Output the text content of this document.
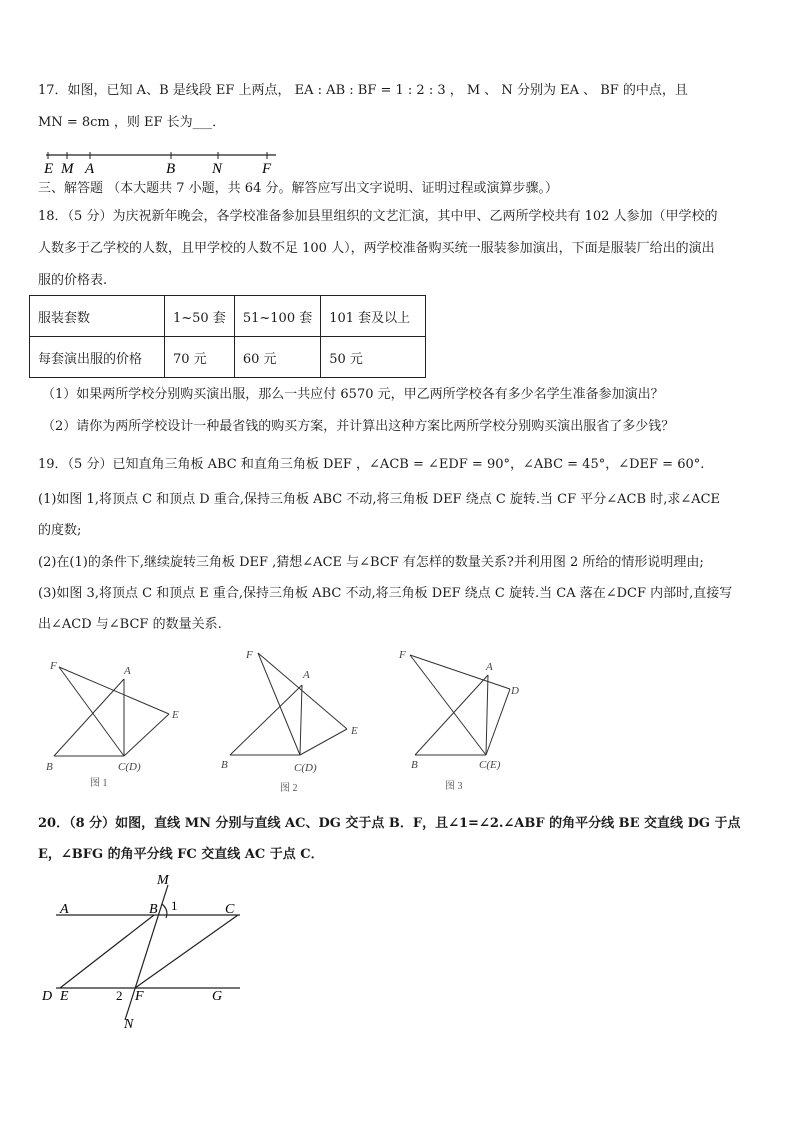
17．如图，已知 A、B 是线段 EF 上两点， EA : AB : BF = 1 : 2 : 3 ， M 、 N 分别为 EA 、 BF 的中点，且
MN = 8cm ，则 EF 长为___．
E M A	B N	F
三、解答题 （本大题共 7 小题，共 64 分。解答应写出文字说明、证明过程或演算步骤。）
18．（5 分）为庆祝新年晚会，各学校准备参加县里组织的文艺汇演，其中甲、乙两所学校共有 102 人参加（甲学校的
人数多于乙学校的人数，且甲学校的人数不足 100 人），两学校准备购买统一服装参加演出，下面是服装厂给出的演出
服的价格表.
服装套数	1~50 套	51~100 套	101 套及以上
每套演出服的价格	70 元	60 元	50 元
（1）如果两所学校分别购买演出服，那么一共应付 6570 元，甲乙两所学校各有多少名学生准备参加演出？
（2）请你为两所学校设计一种最省钱的购买方案，并计算出这种方案比两所学校分别购买演出服省了多少钱？
19．（5 分）已知直角三角板 ABC 和直角三角板 DEF ，∠ACB = ∠EDF = 90°，∠ABC = 45°，∠DEF = 60°.
(1)如图 1,将顶点 C 和顶点 D 重合,保持三角板 ABC 不动,将三角板 DEF 绕点 C 旋转.当 CF 平分∠ACB 时,求∠ACE
的度数;
(2)在(1)的条件下,继续旋转三角板 DEF ,猜想∠ACE 与∠BCF 有怎样的数量关系?并利用图 2 所给的情形说明理由;
(3)如图 3,将顶点 C 和顶点 E 重合,保持三角板 ABC 不动,将三角板 DEF 绕点 C 旋转.当 CA 落在∠DCF 内部时,直接写
出∠ACD 与∠BCF 的数量关系.
F	A
E
B	C(D)
图 1
F
A
E
B	C(D)
图 2
F
A
D
B	C(E)
图 3
20．（8 分）如图，直线 MN 分别与直线 AC、DG 交于点 B．F，且∠1=∠2.∠ABF 的角平分线 BE 交直线 DG 于点
E，∠BFG 的角平分线 FC 交直线 AC 于点 C．
M
A	B 1	C
D E	2 F	G
N
